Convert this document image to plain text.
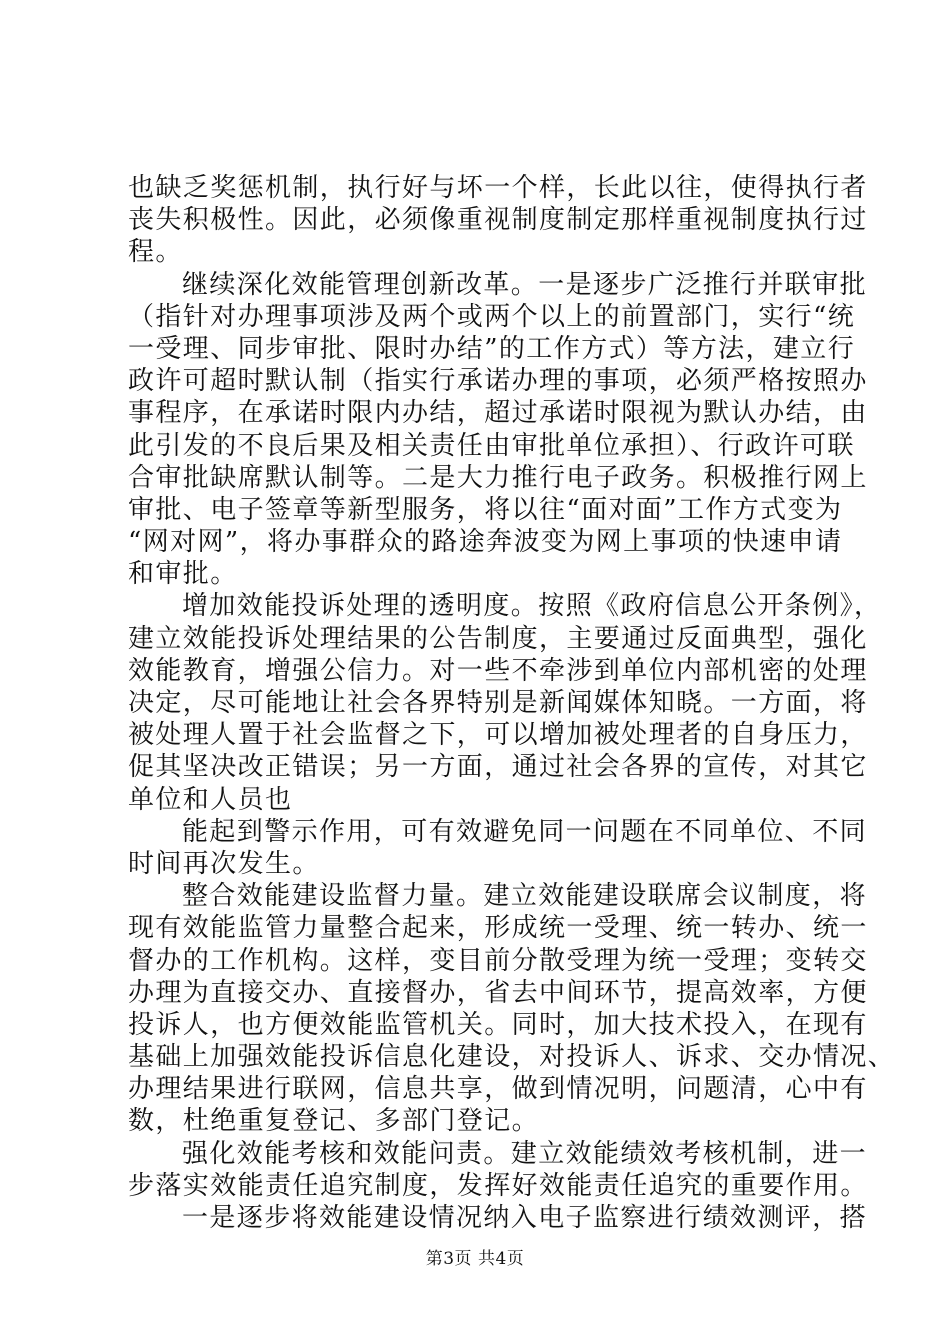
也缺乏奖惩机制，执行好与坏一个样，长此以往，使得执行者
丧失积极性。因此，必须像重视制度制定那样重视制度执行过
程。
继续深化效能管理创新改革。一是逐步广泛推行并联审批
（指针对办理事项涉及两个或两个以上的前置部门，实行“统
一受理、同步审批、限时办结”的工作方式）等方法，建立行
政许可超时默认制（指实行承诺办理的事项，必须严格按照办
事程序，在承诺时限内办结，超过承诺时限视为默认办结，由
此引发的不良后果及相关责任由审批单位承担）、行政许可联
合审批缺席默认制等。二是大力推行电子政务。积极推行网上
审批、电子签章等新型服务，将以往“面对面”工作方式变为
“网对网”，将办事群众的路途奔波变为网上事项的快速申请
和审批。
增加效能投诉处理的透明度。按照《政府信息公开条例》，
建立效能投诉处理结果的公告制度，主要通过反面典型，强化
效能教育，增强公信力。对一些不牵涉到单位内部机密的处理
决定，尽可能地让社会各界特别是新闻媒体知晓。一方面，将
被处理人置于社会监督之下，可以增加被处理者的自身压力，
促其坚决改正错误；另一方面，通过社会各界的宣传，对其它
单位和人员也
能起到警示作用，可有效避免同一问题在不同单位、不同
时间再次发生。
整合效能建设监督力量。建立效能建设联席会议制度，将
现有效能监管力量整合起来，形成统一受理、统一转办、统一
督办的工作机构。这样，变目前分散受理为统一受理；变转交
办理为直接交办、直接督办，省去中间环节，提高效率，方便
投诉人，也方便效能监管机关。同时，加大技术投入，在现有
基础上加强效能投诉信息化建设，对投诉人、诉求、交办情况、
办理结果进行联网，信息共享，做到情况明，问题清，心中有
数，杜绝重复登记、多部门登记。
强化效能考核和效能问责。建立效能绩效考核机制，进一
步落实效能责任追究制度，发挥好效能责任追究的重要作用。
一是逐步将效能建设情况纳入电子监察进行绩效测评，搭
第3页 共4页
